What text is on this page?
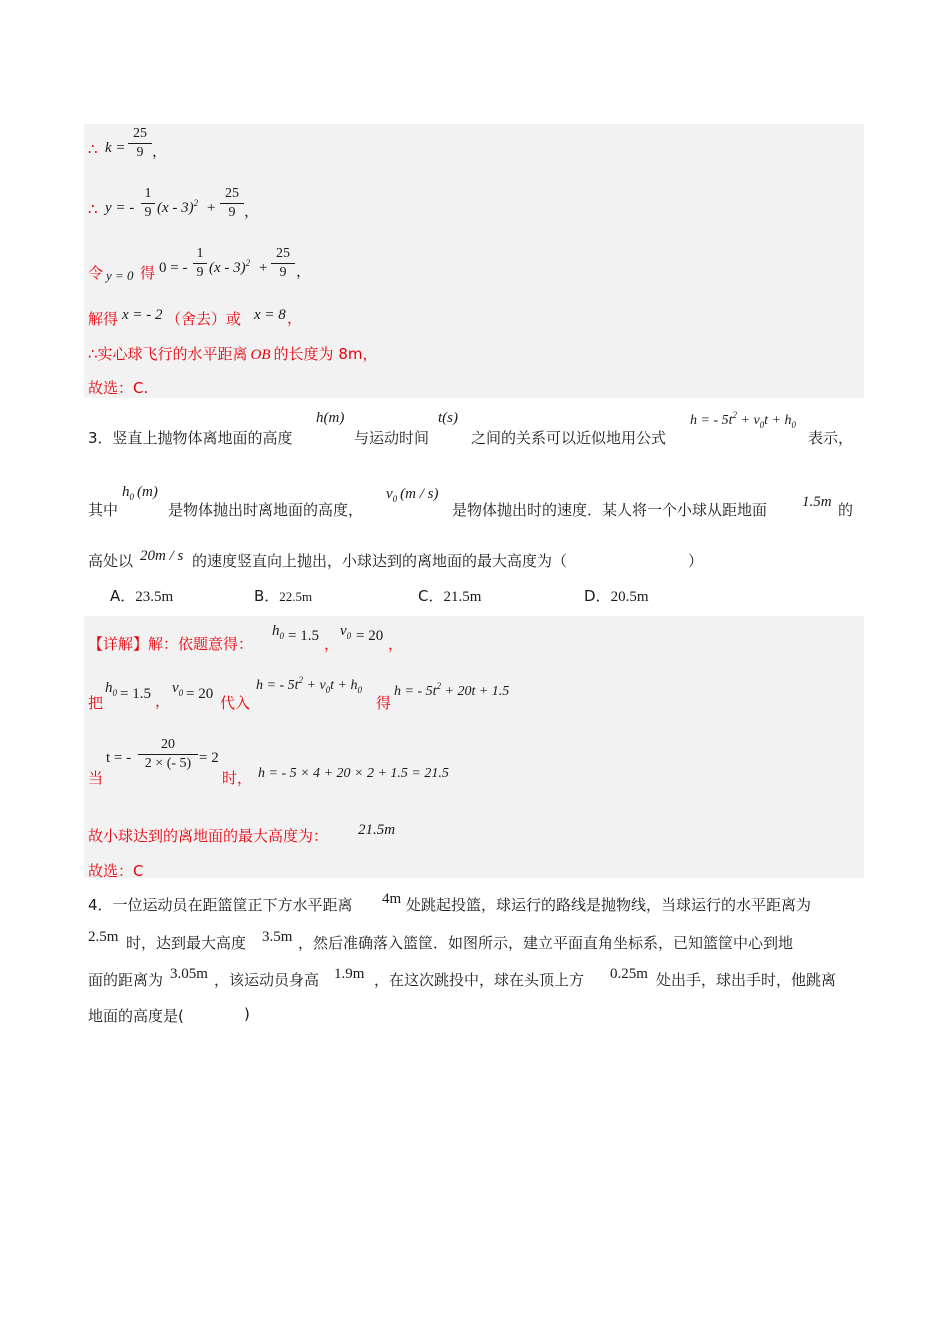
∴ k =
25
9 ，
∴ y = -
1
9 (x - 3)$^2$ +
25
9 ，
令 y = 0 得 0 = -
1
9 (x - 3)$^2$ +
25
9 ，
解得 x = - 2 （舍去）或 x = 8 ，
∴实心球飞行的水平距离 OB 的长度为 8m，
故选：C.
3．竖直上抛物体离地面的高度
h(m)
与运动时间
t(s)
之间的关系可以近似地用公式
h = - $5t^2 + v_0t + h_0$
表示，
其中
$h_0$ (m)
是物体抛出时离地面的高度，
$v_0$ (m / s)
是物体抛出时的速度．某人将一个小球从距地面 1.5m 的
高处以 20m / s 的速度竖直向上抛出，小球达到的离地面的最大高度为（	）
A．23.5m	B．22.5m	C．21.5m	D．20.5m
【详解】解：依题意得：
$h_0 = 1.5$
，
$v_0 = 20$
，
把
$h_0 = 1.5$ ，
$v_0 = 20$ 代入
h = - $5t^2 + v_0t + h_0$
得
h = - $5t^2 + 20t + 1.5$
当
t = -
20
2 × (- 5) = 2
时， h = - 5 × 4 + 20 × 2 + 1.5 = 21.5
故小球达到的离地面的最大高度为： 21.5m
故选：C
4．一位运动员在距篮筐正下方水平距离 4m 处跳起投篮，球运行的路线是抛物线，当球运行的水平距离为
2.5m 时，达到最大高度 3.5m ，然后准确落入篮筐．如图所示，建立平面直角坐标系，已知篮筐中心到地
面的距离为 3.05m ，该运动员身高 1.9m ，在这次跳投中，球在头顶上方 0.25m 处出手，球出手时，他跳离
地面的高度是(	)
